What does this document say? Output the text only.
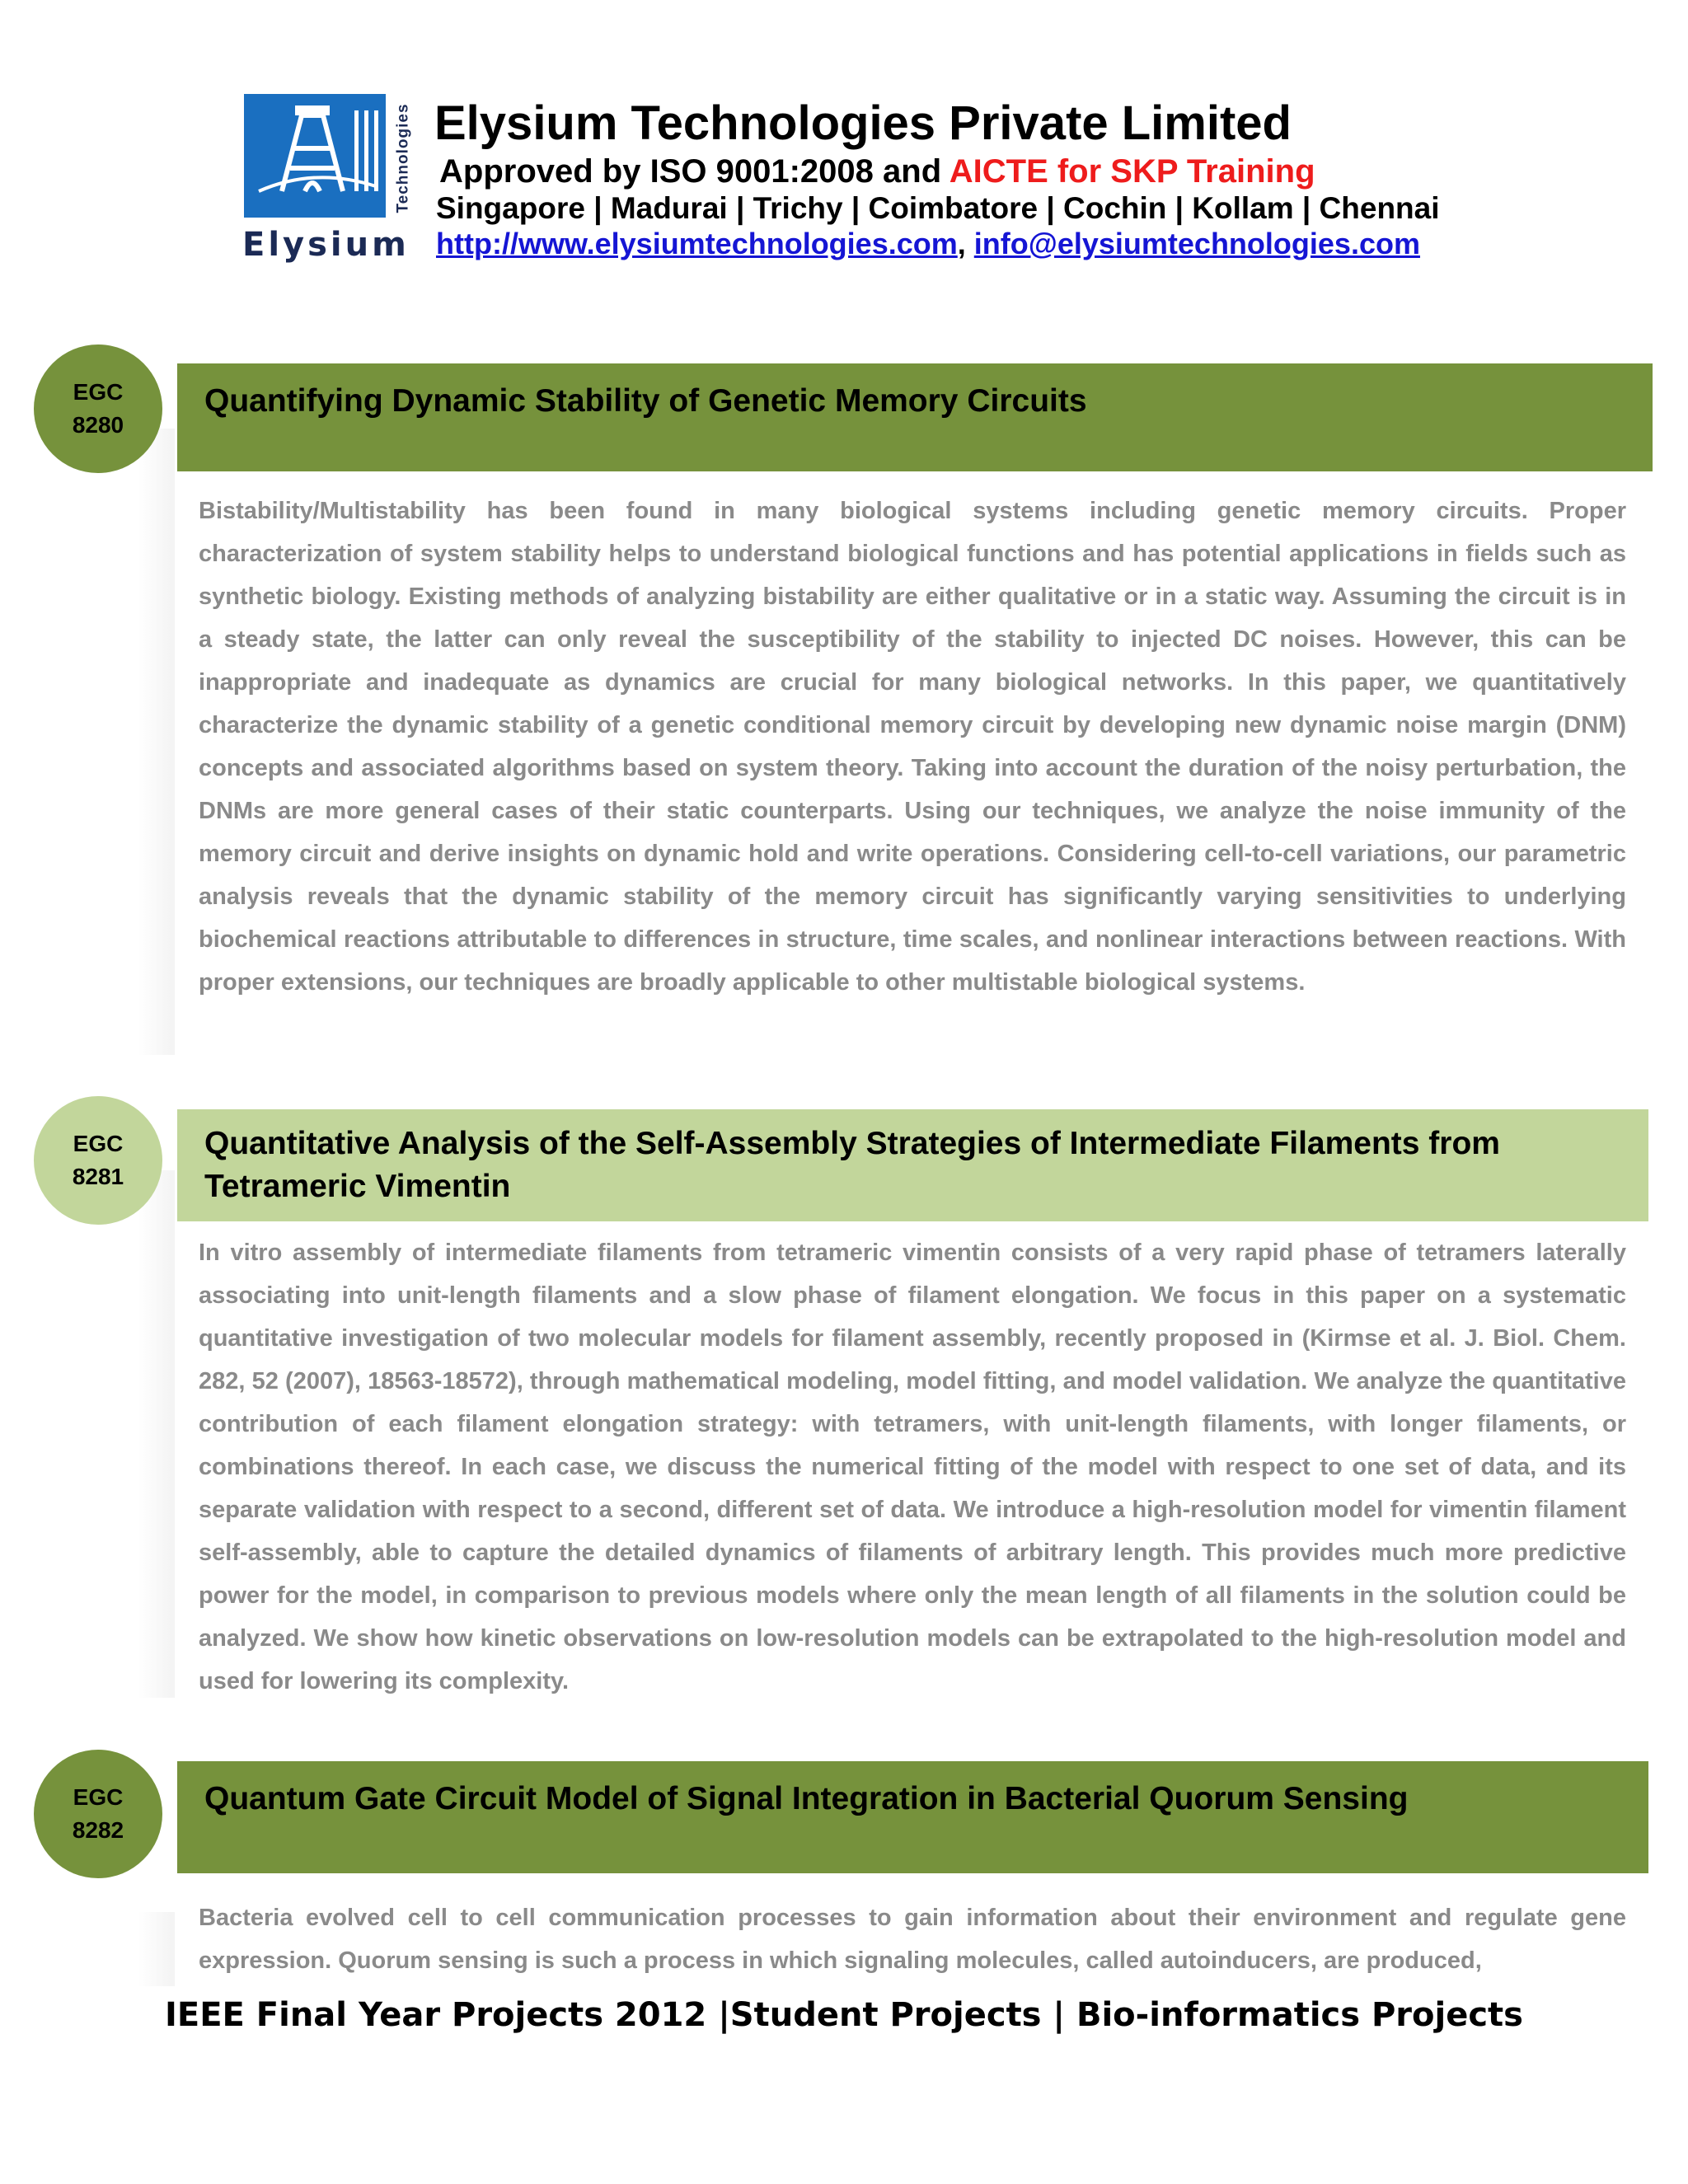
Technologies
Elysium
Elysium Technologies Private Limited
Approved by ISO 9001:2008 and AICTE for SKP Training
Singapore | Madurai | Trichy | Coimbatore | Cochin | Kollam | Chennai
http://www.elysiumtechnologies.com, info@elysiumtechnologies.com
EGC
8280
Quantifying Dynamic Stability of Genetic Memory Circuits

Bistability/Multistability has been found in many biological systems including genetic memory circuits. Proper characterization of system stability helps to understand biological functions and has potential applications in fields such as synthetic biology. Existing methods of analyzing bistability are either qualitative or in a static way. Assuming the circuit is in a steady state, the latter can only reveal the susceptibility of the stability to injected DC noises. However, this can be inappropriate and inadequate as dynamics are crucial for many biological networks. In this paper, we quantitatively characterize the dynamic stability of a genetic conditional memory circuit by developing new dynamic noise margin (DNM) concepts and associated algorithms based on system theory. Taking into account the duration of the noisy perturbation, the DNMs are more general cases of their static counterparts. Using our techniques, we analyze the noise immunity of the memory circuit and derive insights on dynamic hold and write operations. Considering cell-to-cell variations, our parametric analysis reveals that the dynamic stability of the memory circuit has significantly varying sensitivities to underlying biochemical reactions attributable to differences in structure, time scales, and nonlinear interactions between reactions. With proper extensions, our techniques are broadly applicable to other multistable biological systems.

EGC
8281
Quantitative Analysis of the Self-Assembly Strategies of Intermediate Filaments from Tetrameric Vimentin

In vitro assembly of intermediate filaments from tetrameric vimentin consists of a very rapid phase of tetramers laterally associating into unit-length filaments and a slow phase of filament elongation. We focus in this paper on a systematic quantitative investigation of two molecular models for filament assembly, recently proposed in (Kirmse et al. J. Biol. Chem. 282, 52 (2007), 18563-18572), through mathematical modeling, model fitting, and model validation. We analyze the quantitative contribution of each filament elongation strategy: with tetramers, with unit-length filaments, with longer filaments, or combinations thereof. In each case, we discuss the numerical fitting of the model with respect to one set of data, and its separate validation with respect to a second, different set of data. We introduce a high-resolution model for vimentin filament self-assembly, able to capture the detailed dynamics of filaments of arbitrary length. This provides much more predictive power for the model, in comparison to previous models where only the mean length of all filaments in the solution could be analyzed. We show how kinetic observations on low-resolution models can be extrapolated to the high-resolution model and used for lowering its complexity.

EGC
8282
Quantum Gate Circuit Model of Signal Integration in Bacterial Quorum Sensing

Bacteria evolved cell to cell communication processes to gain information about their environment and regulate gene expression. Quorum sensing is such a process in which signaling molecules, called autoinducers, are produced,

IEEE Final Year Projects 2012 |Student Projects | Bio-informatics Projects
